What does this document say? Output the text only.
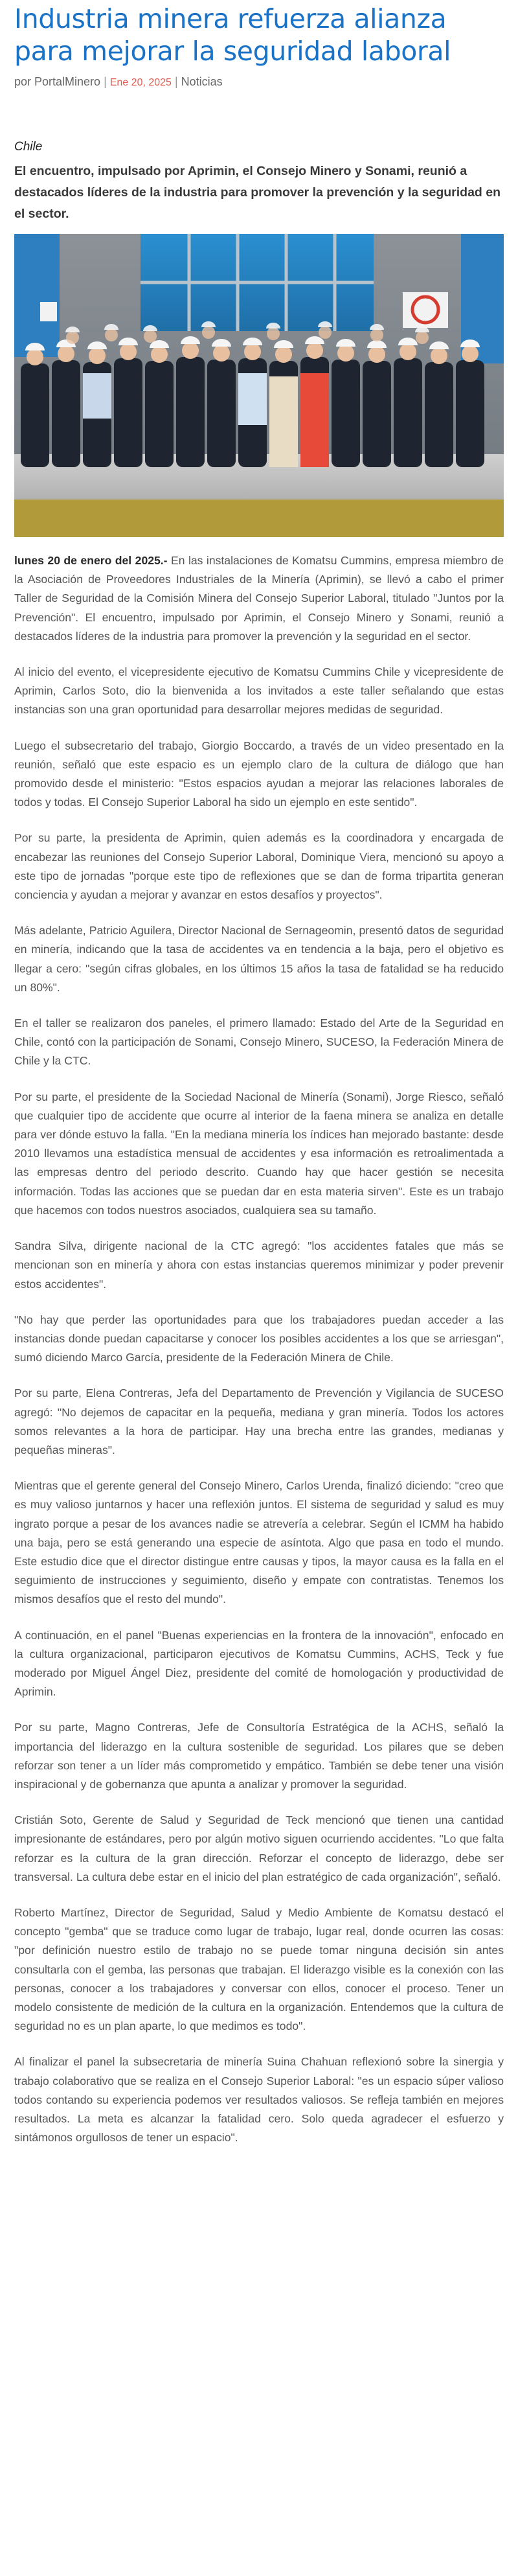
Industria minera refuerza alianza para mejorar la seguridad laboral
por PortalMinero | Ene 20, 2025 | Noticias
Chile
El encuentro, impulsado por Aprimin, el Consejo Minero y Sonami, reunió a destacados líderes de la industria para promover la prevención y la seguridad en el sector.

lunes 20 de enero del 2025.- En las instalaciones de Komatsu Cummins, empresa miembro de la Asociación de Proveedores Industriales de la Minería (Aprimin), se llevó a cabo el primer Taller de Seguridad de la Comisión Minera del Consejo Superior Laboral, titulado "Juntos por la Prevención". El encuentro, impulsado por Aprimin, el Consejo Minero y Sonami, reunió a destacados líderes de la industria para promover la prevención y la seguridad en el sector.

Al inicio del evento, el vicepresidente ejecutivo de Komatsu Cummins Chile y vicepresidente de Aprimin, Carlos Soto, dio la bienvenida a los invitados a este taller señalando que estas instancias son una gran oportunidad para desarrollar mejores medidas de seguridad.

Luego el subsecretario del trabajo, Giorgio Boccardo, a través de un video presentado en la reunión, señaló que este espacio es un ejemplo claro de la cultura de diálogo que han promovido desde el ministerio: "Estos espacios ayudan a mejorar las relaciones laborales de todos y todas. El Consejo Superior Laboral ha sido un ejemplo en este sentido".

Por su parte, la presidenta de Aprimin, quien además es la coordinadora y encargada de encabezar las reuniones del Consejo Superior Laboral, Dominique Viera, mencionó su apoyo a este tipo de jornadas "porque este tipo de reflexiones que se dan de forma tripartita generan conciencia y ayudan a mejorar y avanzar en estos desafíos y proyectos".

Más adelante, Patricio Aguilera, Director Nacional de Sernageomin, presentó datos de seguridad en minería, indicando que la tasa de accidentes va en tendencia a la baja, pero el objetivo es llegar a cero: "según cifras globales, en los últimos 15 años la tasa de fatalidad se ha reducido un 80%".

En el taller se realizaron dos paneles, el primero llamado: Estado del Arte de la Seguridad en Chile, contó con la participación de Sonami, Consejo Minero, SUCESO, la Federación Minera de Chile y la CTC.

Por su parte, el presidente de la Sociedad Nacional de Minería (Sonami), Jorge Riesco, señaló que cualquier tipo de accidente que ocurre al interior de la faena minera se analiza en detalle para ver dónde estuvo la falla. "En la mediana minería los índices han mejorado bastante: desde 2010 llevamos una estadística mensual de accidentes y esa información es retroalimentada a las empresas dentro del periodo descrito. Cuando hay que hacer gestión se necesita información. Todas las acciones que se puedan dar en esta materia sirven". Este es un trabajo que hacemos con todos nuestros asociados, cualquiera sea su tamaño.

Sandra Silva, dirigente nacional de la CTC agregó: "los accidentes fatales que más se mencionan son en minería y ahora con estas instancias queremos minimizar y poder prevenir estos accidentes".

"No hay que perder las oportunidades para que los trabajadores puedan acceder a las instancias donde puedan capacitarse y conocer los posibles accidentes a los que se arriesgan", sumó diciendo Marco García, presidente de la Federación Minera de Chile.

Por su parte, Elena Contreras, Jefa del Departamento de Prevención y Vigilancia de SUCESO agregó: "No dejemos de capacitar en la pequeña, mediana y gran minería. Todos los actores somos relevantes a la hora de participar. Hay una brecha entre las grandes, medianas y pequeñas mineras".

Mientras que el gerente general del Consejo Minero, Carlos Urenda, finalizó diciendo: "creo que es muy valioso juntarnos y hacer una reflexión juntos. El sistema de seguridad y salud es muy ingrato porque a pesar de los avances nadie se atrevería a celebrar. Según el ICMM ha habido una baja, pero se está generando una especie de asíntota. Algo que pasa en todo el mundo. Este estudio dice que el director distingue entre causas y tipos, la mayor causa es la falla en el seguimiento de instrucciones y seguimiento, diseño y empate con contratistas. Tenemos los mismos desafíos que el resto del mundo".

A continuación, en el panel "Buenas experiencias en la frontera de la innovación", enfocado en la cultura organizacional, participaron ejecutivos de Komatsu Cummins, ACHS, Teck y fue moderado por Miguel Ángel Diez, presidente del comité de homologación y productividad de Aprimin.

Por su parte, Magno Contreras, Jefe de Consultoría Estratégica de la ACHS, señaló la importancia del liderazgo en la cultura sostenible de seguridad. Los pilares que se deben reforzar son tener a un líder más comprometido y empático. También se debe tener una visión inspiracional y de gobernanza que apunta a analizar y promover la seguridad.

Cristián Soto, Gerente de Salud y Seguridad de Teck mencionó que tienen una cantidad impresionante de estándares, pero por algún motivo siguen ocurriendo accidentes. "Lo que falta reforzar es la cultura de la gran dirección. Reforzar el concepto de liderazgo, debe ser transversal. La cultura debe estar en el inicio del plan estratégico de cada organización", señaló.

Roberto Martínez, Director de Seguridad, Salud y Medio Ambiente de Komatsu destacó el concepto "gemba" que se traduce como lugar de trabajo, lugar real, donde ocurren las cosas: "por definición nuestro estilo de trabajo no se puede tomar ninguna decisión sin antes consultarla con el gemba, las personas que trabajan. El liderazgo visible es la conexión con las personas, conocer a los trabajadores y conversar con ellos, conocer el proceso. Tener un modelo consistente de medición de la cultura en la organización. Entendemos que la cultura de seguridad no es un plan aparte, lo que medimos es todo".

Al finalizar el panel la subsecretaria de minería Suina Chahuan reflexionó sobre la sinergia y trabajo colaborativo que se realiza en el Consejo Superior Laboral: "es un espacio súper valioso todos contando su experiencia podemos ver resultados valiosos. Se refleja también en mejores resultados. La meta es alcanzar la fatalidad cero. Solo queda agradecer el esfuerzo y sintámonos orgullosos de tener un espacio".
